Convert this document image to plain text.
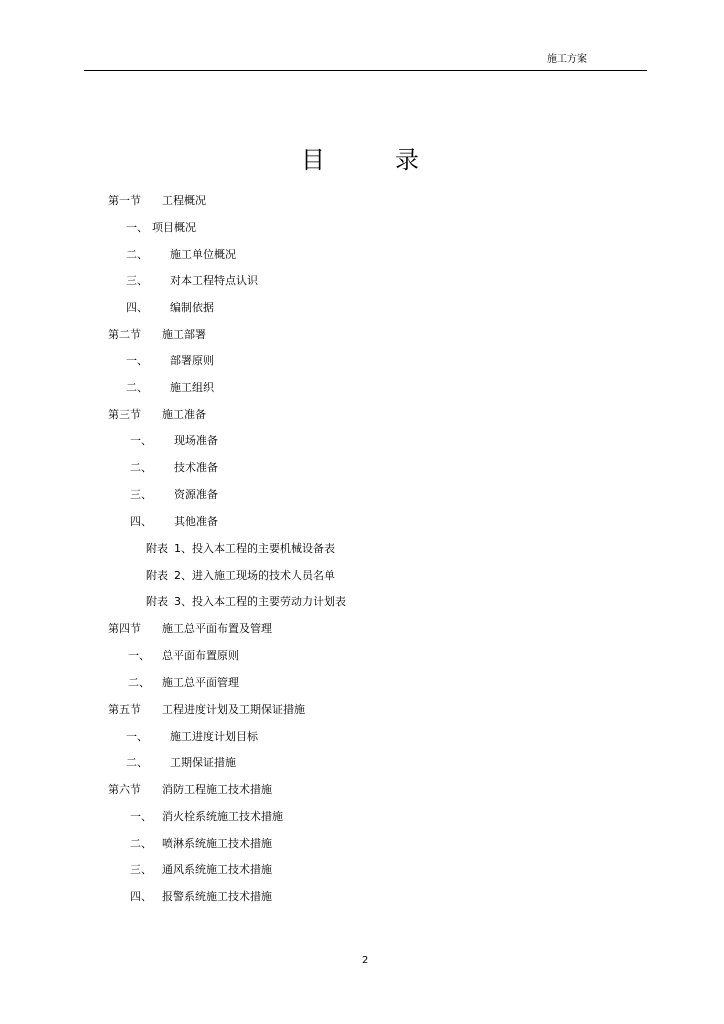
施工方案
目	录
第一节 工程概况
一、 项目概况
二、 施工单位概况
三、 对本工程特点认识
四、 编制依据
第二节 施工部署
一、 部署原则
二、 施工组织
第三节 施工准备
一、 现场准备
二、 技术准备
三、 资源准备
四、 其他准备
附表 1、投入本工程的主要机械设备表
附表 2、进入施工现场的技术人员名单
附表 3、投入本工程的主要劳动力计划表
第四节 施工总平面布置及管理
一、 总平面布置原则
二、 施工总平面管理
第五节 工程进度计划及工期保证措施
一、 施工进度计划目标
二、 工期保证措施
第六节 消防工程施工技术措施
一、 消火栓系统施工技术措施
二、 喷淋系统施工技术措施
三、 通风系统施工技术措施
四、 报警系统施工技术措施
2
